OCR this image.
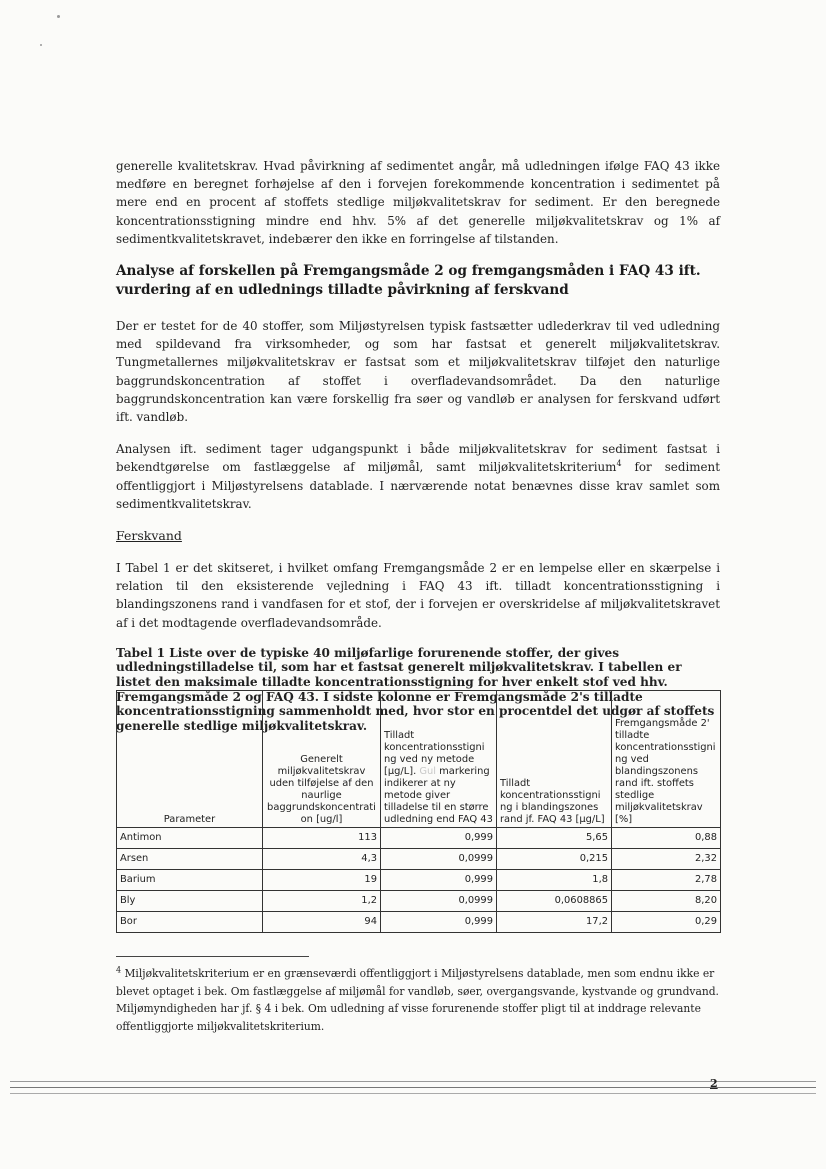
generelle kvalitetskrav. Hvad påvirkning af sedimentet angår, må udledningen ifølge FAQ 43 ikke medføre en beregnet forhøjelse af den i forvejen forekommende koncentration i sedimentet på mere end en procent af stoffets stedlige miljøkvalitetskrav for sediment. Er den beregnede koncentrationsstigning mindre end hhv. 5% af det generelle miljøkvalitetskrav og 1% af sedimentkvalitetskravet, indebærer den ikke en forringelse af tilstanden.

Analyse af forskellen på Fremgangsmåde 2 og fremgangsmåden i FAQ 43 ift. vurdering af en udlednings tilladte påvirkning af ferskvand

Der er testet for de 40 stoffer, som Miljøstyrelsen typisk fastsætter udlederkrav til ved udledning med spildevand fra virksomheder, og som har fastsat et generelt miljøkvalitetskrav. Tungmetallernes miljøkvalitetskrav er fastsat som et miljøkvalitetskrav tilføjet den naturlige baggrundskoncentration af stoffet i overfladevandsområdet. Da den naturlige baggrundskoncentration kan være forskellig fra søer og vandløb er analysen for ferskvand udført ift. vandløb.

Analysen ift. sediment tager udgangspunkt i både miljøkvalitetskrav for sediment fastsat i bekendtgørelse om fastlæggelse af miljømål, samt miljøkvalitetskriterium$^4$ for sediment offentliggjort i Miljøstyrelsens datablade. I nærværende notat benævnes disse krav samlet som sedimentkvalitetskrav.

Ferskvand

I Tabel 1 er det skitseret, i hvilket omfang Fremgangsmåde 2 er en lempelse eller en skærpelse i relation til den eksisterende vejledning i FAQ 43 ift. tilladt koncentrationsstigning i blandingszonens rand i vandfasen for et stof, der i forvejen er overskridelse af miljøkvalitetskravet af i det modtagende overfladevandsområde.

Tabel 1 Liste over de typiske 40 miljøfarlige forurenende stoffer, der gives udledningstilladelse til, som har et fastsat generelt miljøkvalitetskrav. I tabellen er listet den maksimale tilladte koncentrationsstigning for hver enkelt stof ved hhv. Fremgangsmåde 2 og FAQ 43. I sidste kolonne er Fremgangsmåde 2's tilladte koncentrationsstigning sammenholdt med, hvor stor en procentdel det udgør af stoffets generelle stedlige miljøkvalitetskrav.
Parameter	Generelt miljøkvalitetskrav uden tilføjelse af den naurlige baggrundskoncentrati on [ug/l]	Tilladt koncentrationsstigni ng ved ny metode [µg/L]. Gul markering indikerer at ny metode giver tilladelse til en større udledning end FAQ 43	Tilladt koncentrationsstigni ng i blandingszones rand jf. FAQ 43 [µg/L]	Fremgangsmåde 2' tilladte koncentrationsstigni ng ved blandingszonens rand ift. stoffets stedlige miljøkvalitetskrav [%]
Antimon	113	0,999	5,65	0,88
Arsen	4,3	0,0999	0,215	2,32
Barium	19	0,999	1,8	2,78
Bly	1,2	0,0999	0,0608865	8,20
Bor	94	0,999	17,2	0,29
$^4$ Miljøkvalitetskriterium er en grænseværdi offentliggjort i Miljøstyrelsens datablade, men som endnu ikke er blevet optaget i bek. Om fastlæggelse af miljømål for vandløb, søer, overgangsvande, kystvande og grundvand. Miljømyndigheden har jf. § 4 i bek. Om udledning af visse forurenende stoffer pligt til at inddrage relevante offentliggjorte miljøkvalitetskriterium.
2
